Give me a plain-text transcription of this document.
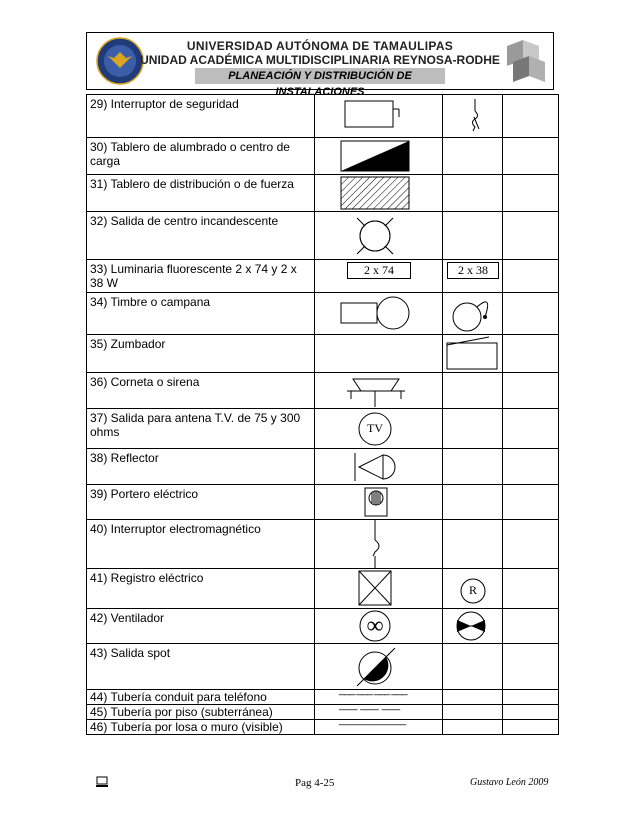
UNIVERSIDAD AUTÓNOMA DE TAMAULIPAS
UNIDAD ACADÉMICA MULTIDISCIPLINARIA REYNOSA-RODHE
PLANEACIÓN Y DISTRIBUCIÓN DE INSTALACIONES
29) Interruptor de seguridad	

30) Tablero de alumbrado o centro de carga	

31) Tablero de distribución o de fuerza	

32) Salida de centro incandescente	

33) Luminaria fluorescente 2 x 74 y 2 x 38 W	2 x 74	2 x 38	

34) Timbre o campana	

35) Zumbador		

36) Corneta o sirena	

37) Salida para antena T.V. de 75 y 300 ohms	TV		

38) Reflector	

39) Portero eléctrico	

40) Interruptor electromagnético	

41) Registro eléctrico		R	

42) Ventilador	∞

43) Salida spot	

44) Tubería conduit para teléfono	___ ___ ___ ___		

45) Tubería por piso (subterránea)	___ ___ ___		

46) Tubería por losa o muro (visible)	___________		

Pag 4-25	Gustavo León 2009
